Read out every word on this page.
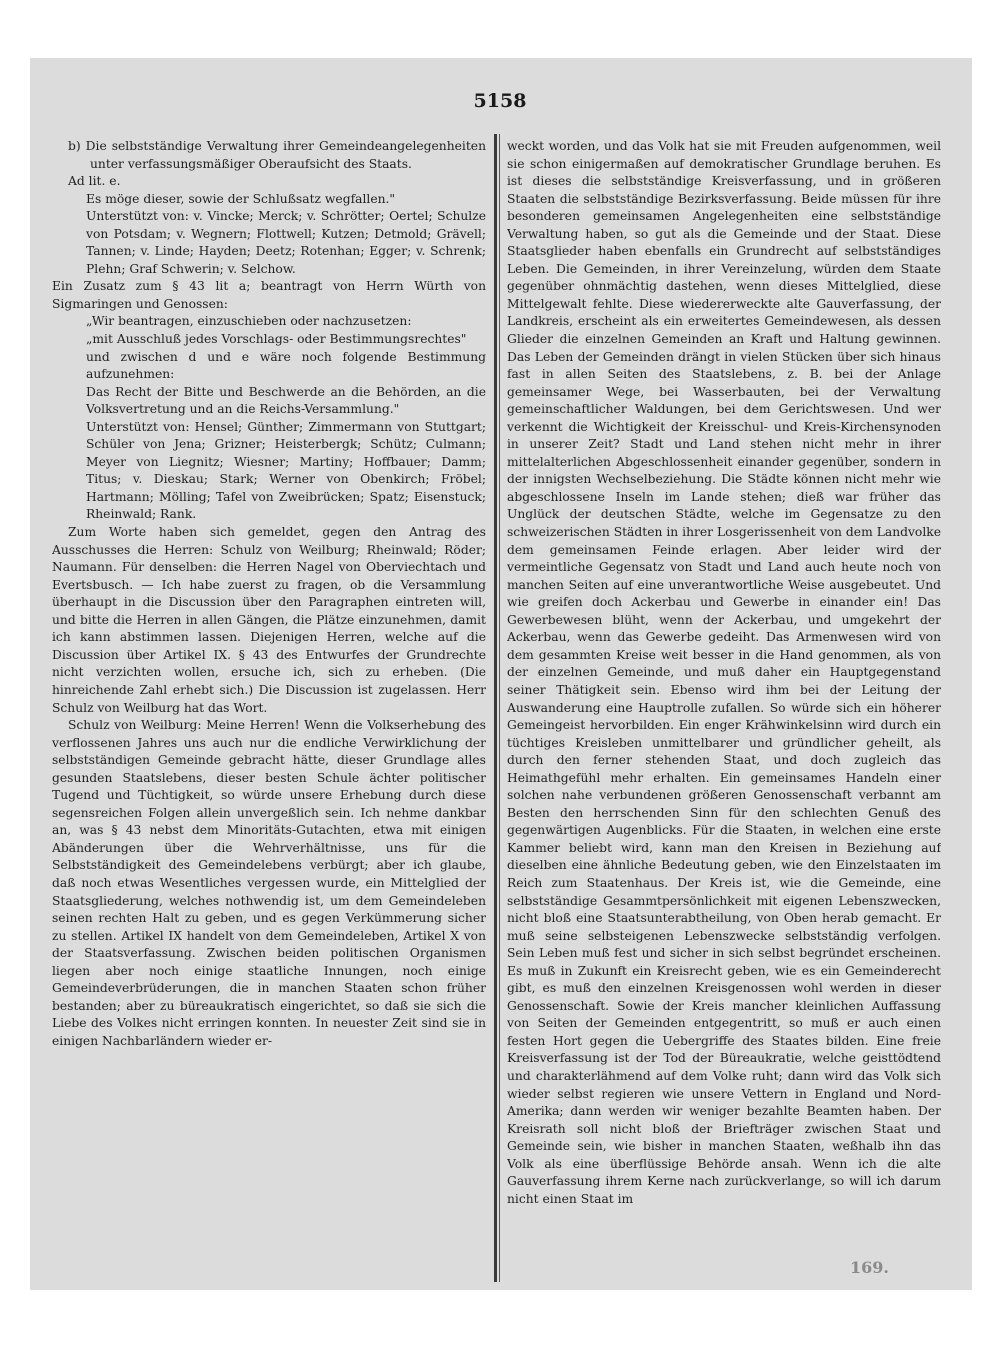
5158

b) Die selbstständige Verwaltung ihrer Gemeindeangelegenheiten unter verfassungsmäßiger Oberaufsicht des Staats.

Ad lit. e.

Es möge dieser, sowie der Schlußsatz wegfallen."

Unterstützt von: v. Vincke; Merck; v. Schrötter; Oertel; Schulze von Potsdam; v. Wegnern; Flottwell; Kutzen; Detmold; Grävell; Tannen; v. Linde; Hayden; Deetz; Rotenhan; Egger; v. Schrenk; Plehn; Graf Schwerin; v. Selchow.

Ein Zusatz zum § 43 lit a; beantragt von Herrn Würth von Sigmaringen und Genossen:

„Wir beantragen, einzuschieben oder nachzusetzen:

„mit Ausschluß jedes Vorschlags- oder Bestimmungsrechtes"

und zwischen d und e wäre noch folgende Bestimmung aufzunehmen:

Das Recht der Bitte und Beschwerde an die Behörden, an die Volksvertretung und an die Reichs-Versammlung."

Unterstützt von: Hensel; Günther; Zimmermann von Stuttgart; Schüler von Jena; Grizner; Heisterbergk; Schütz; Culmann; Meyer von Liegnitz; Wiesner; Martiny; Hoffbauer; Damm; Titus; v. Dieskau; Stark; Werner von Obenkirch; Fröbel; Hartmann; Mölling; Tafel von Zweibrücken; Spatz; Eisenstuck; Rheinwald; Rank.

Zum Worte haben sich gemeldet, gegen den Antrag des Ausschusses die Herren: Schulz von Weilburg; Rheinwald; Röder; Naumann. Für denselben: die Herren Nagel von Oberviechtach und Evertsbusch. — Ich habe zuerst zu fragen, ob die Versammlung überhaupt in die Discussion über den Paragraphen eintreten will, und bitte die Herren in allen Gängen, die Plätze einzunehmen, damit ich kann abstimmen lassen. Diejenigen Herren, welche auf die Discussion über Artikel IX. § 43 des Entwurfes der Grundrechte nicht verzichten wollen, ersuche ich, sich zu erheben. (Die hinreichende Zahl erhebt sich.) Die Discussion ist zugelassen. Herr Schulz von Weilburg hat das Wort.

Schulz von Weilburg: Meine Herren! Wenn die Volkserhebung des verflossenen Jahres uns auch nur die endliche Verwirklichung der selbstständigen Gemeinde gebracht hätte, dieser Grundlage alles gesunden Staatslebens, dieser besten Schule ächter politischer Tugend und Tüchtigkeit, so würde unsere Erhebung durch diese segensreichen Folgen allein unvergeßlich sein. Ich nehme dankbar an, was § 43 nebst dem Minoritäts-Gutachten, etwa mit einigen Abänderungen über die Wehrverhältnisse, uns für die Selbstständigkeit des Gemeindelebens verbürgt; aber ich glaube, daß noch etwas Wesentliches vergessen wurde, ein Mittelglied der Staatsgliederung, welches nothwendig ist, um dem Gemeindeleben seinen rechten Halt zu geben, und es gegen Verkümmerung sicher zu stellen. Artikel IX handelt von dem Gemeindeleben, Artikel X von der Staatsverfassung. Zwischen beiden politischen Organismen liegen aber noch einige staatliche Innungen, noch einige Gemeindeverbrüderungen, die in manchen Staaten schon früher bestanden; aber zu büreaukratisch eingerichtet, so daß sie sich die Liebe des Volkes nicht erringen konnten. In neuester Zeit sind sie in einigen Nachbarländern wieder er-

weckt worden, und das Volk hat sie mit Freuden aufgenommen, weil sie schon einigermaßen auf demokratischer Grundlage beruhen. Es ist dieses die selbstständige Kreisverfassung, und in größeren Staaten die selbstständige Bezirksverfassung. Beide müssen für ihre besonderen gemeinsamen Angelegenheiten eine selbstständige Verwaltung haben, so gut als die Gemeinde und der Staat. Diese Staatsglieder haben ebenfalls ein Grundrecht auf selbstständiges Leben. Die Gemeinden, in ihrer Vereinzelung, würden dem Staate gegenüber ohnmächtig dastehen, wenn dieses Mittelglied, diese Mittelgewalt fehlte. Diese wiedererweckte alte Gauverfassung, der Landkreis, erscheint als ein erweitertes Gemeindewesen, als dessen Glieder die einzelnen Gemeinden an Kraft und Haltung gewinnen. Das Leben der Gemeinden drängt in vielen Stücken über sich hinaus fast in allen Seiten des Staatslebens, z. B. bei der Anlage gemeinsamer Wege, bei Wasserbauten, bei der Verwaltung gemeinschaftlicher Waldungen, bei dem Gerichtswesen. Und wer verkennt die Wichtigkeit der Kreisschul- und Kreis-Kirchensynoden in unserer Zeit? Stadt und Land stehen nicht mehr in ihrer mittelalterlichen Abgeschlossenheit einander gegenüber, sondern in der innigsten Wechselbeziehung. Die Städte können nicht mehr wie abgeschlossene Inseln im Lande stehen; dieß war früher das Unglück der deutschen Städte, welche im Gegensatze zu den schweizerischen Städten in ihrer Losgerissenheit von dem Landvolke dem gemeinsamen Feinde erlagen. Aber leider wird der vermeintliche Gegensatz von Stadt und Land auch heute noch von manchen Seiten auf eine unverantwortliche Weise ausgebeutet. Und wie greifen doch Ackerbau und Gewerbe in einander ein! Das Gewerbewesen blüht, wenn der Ackerbau, und umgekehrt der Ackerbau, wenn das Gewerbe gedeiht. Das Armenwesen wird von dem gesammten Kreise weit besser in die Hand genommen, als von der einzelnen Gemeinde, und muß daher ein Hauptgegenstand seiner Thätigkeit sein. Ebenso wird ihm bei der Leitung der Auswanderung eine Hauptrolle zufallen. So würde sich ein höherer Gemeingeist hervorbilden. Ein enger Krähwinkelsinn wird durch ein tüchtiges Kreisleben unmittelbarer und gründlicher geheilt, als durch den ferner stehenden Staat, und doch zugleich das Heimathgefühl mehr erhalten. Ein gemeinsames Handeln einer solchen nahe verbundenen größeren Genossenschaft verbannt am Besten den herrschenden Sinn für den schlechten Genuß des gegenwärtigen Augenblicks. Für die Staaten, in welchen eine erste Kammer beliebt wird, kann man den Kreisen in Beziehung auf dieselben eine ähnliche Bedeutung geben, wie den Einzelstaaten im Reich zum Staatenhaus. Der Kreis ist, wie die Gemeinde, eine selbstständige Gesammtpersönlichkeit mit eigenen Lebenszwecken, nicht bloß eine Staatsunterabtheilung, von Oben herab gemacht. Er muß seine selbsteigenen Lebenszwecke selbstständig verfolgen. Sein Leben muß fest und sicher in sich selbst begründet erscheinen. Es muß in Zukunft ein Kreisrecht geben, wie es ein Gemeinderecht gibt, es muß den einzelnen Kreisgenossen wohl werden in dieser Genossenschaft. Sowie der Kreis mancher kleinlichen Auffassung von Seiten der Gemeinden entgegentritt, so muß er auch einen festen Hort gegen die Uebergriffe des Staates bilden. Eine freie Kreisverfassung ist der Tod der Büreaukratie, welche geisttödtend und charakterlähmend auf dem Volke ruht; dann wird das Volk sich wieder selbst regieren wie unsere Vettern in England und Nord-Amerika; dann werden wir weniger bezahlte Beamten haben. Der Kreisrath soll nicht bloß der Briefträger zwischen Staat und Gemeinde sein, wie bisher in manchen Staaten, weßhalb ihn das Volk als eine überflüssige Behörde ansah. Wenn ich die alte Gauverfassung ihrem Kerne nach zurückverlange, so will ich darum nicht einen Staat im

169.
